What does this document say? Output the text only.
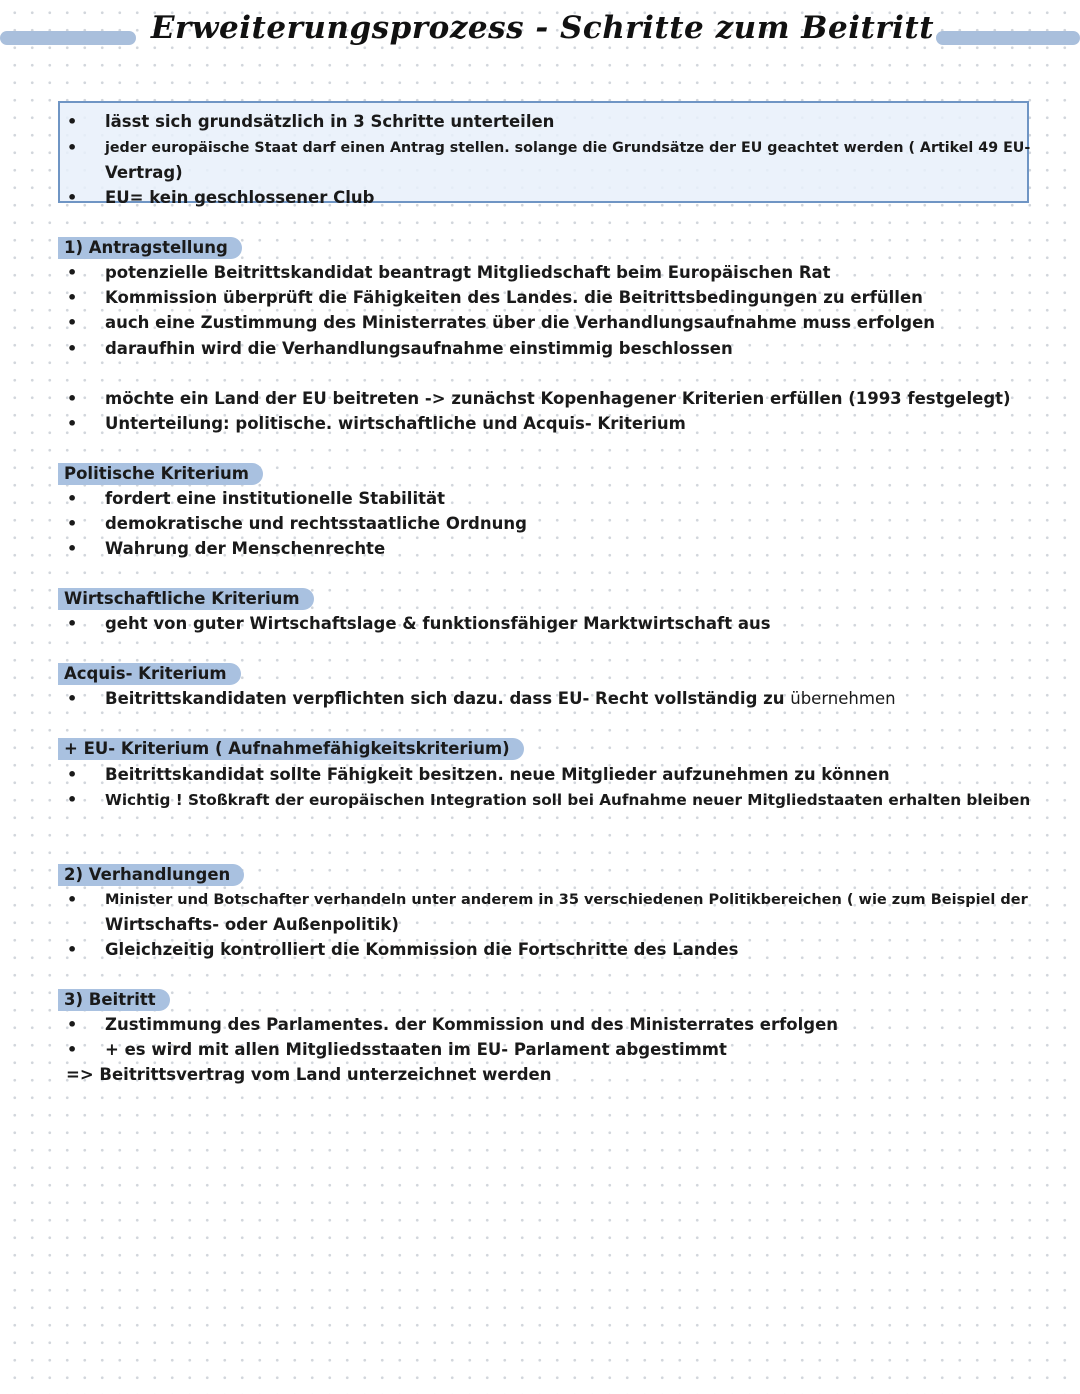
Erweiterungsprozess - Schritte zum Beitritt
• lässt sich grundsätzlich in 3 Schritte unterteilen
• jeder europäische Staat darf einen Antrag stellen. solange die Grundsätze der EU geachtet werden ( Artikel 49 EU-
Vertrag)
• EU= kein geschlossener Club
1) Antragstellung
• potenzielle Beitrittskandidat beantragt Mitgliedschaft beim Europäischen Rat
• Kommission überprüft die Fähigkeiten des Landes. die Beitrittsbedingungen zu erfüllen
• auch eine Zustimmung des Ministerrates über die Verhandlungsaufnahme muss erfolgen
• daraufhin wird die Verhandlungsaufnahme einstimmig beschlossen
• möchte ein Land der EU beitreten -> zunächst Kopenhagener Kriterien erfüllen (1993 festgelegt)
• Unterteilung: politische. wirtschaftliche und Acquis- Kriterium
Politische Kriterium
• fordert eine institutionelle Stabilität
• demokratische und rechtsstaatliche Ordnung
• Wahrung der Menschenrechte
Wirtschaftliche Kriterium
• geht von guter Wirtschaftslage & funktionsfähiger Marktwirtschaft aus
Acquis- Kriterium
• Beitrittskandidaten verpflichten sich dazu. dass EU- Recht vollständig zu übernehmen
+ EU- Kriterium ( Aufnahmefähigkeitskriterium)
• Beitrittskandidat sollte Fähigkeit besitzen. neue Mitglieder aufzunehmen zu können
• Wichtig ! Stoßkraft der europäischen Integration soll bei Aufnahme neuer Mitgliedstaaten erhalten bleiben
2) Verhandlungen
• Minister und Botschafter verhandeln unter anderem in 35 verschiedenen Politikbereichen ( wie zum Beispiel der
Wirtschafts- oder Außenpolitik)
• Gleichzeitig kontrolliert die Kommission die Fortschritte des Landes
3) Beitritt
• Zustimmung des Parlamentes. der Kommission und des Ministerrates erfolgen
• + es wird mit allen Mitgliedsstaaten im EU- Parlament abgestimmt
=> Beitrittsvertrag vom Land unterzeichnet werden
